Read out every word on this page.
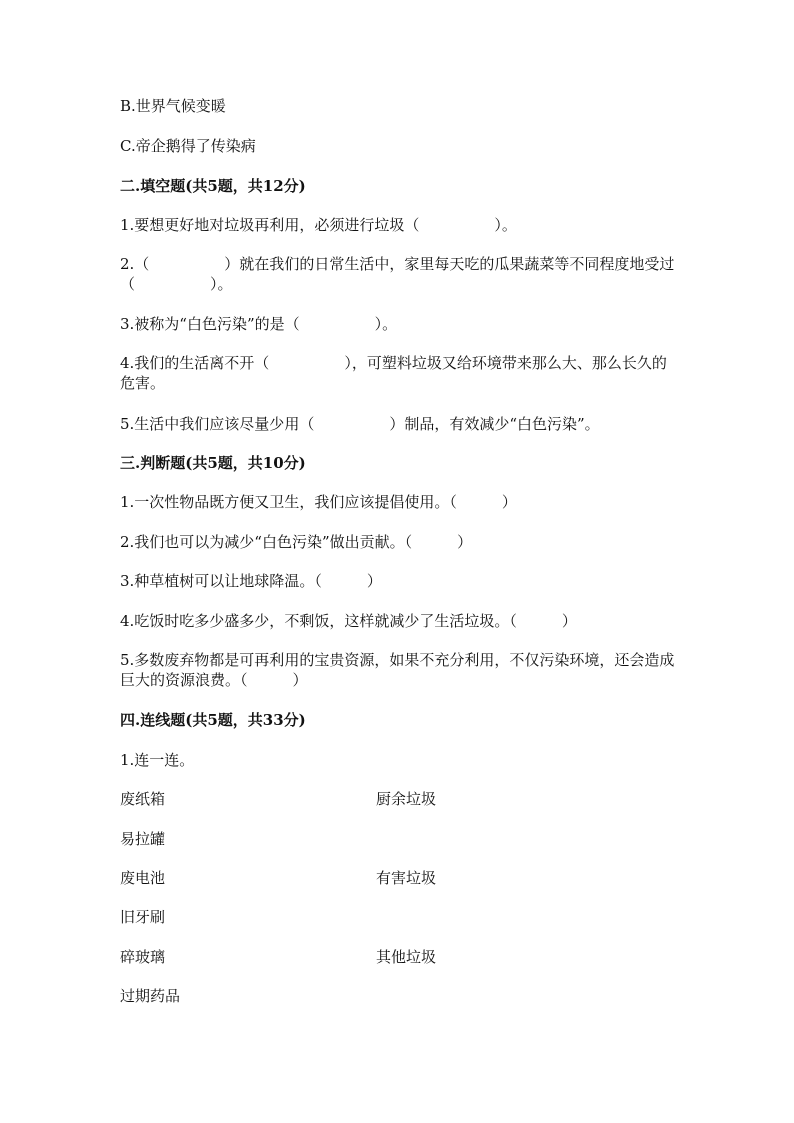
B.世界气候变暖
C.帝企鹅得了传染病
二.填空题(共5题，共12分)
1.要想更好地对垃圾再利用，必须进行垃圾（　　　　　）。
2.（　　　　　）就在我们的日常生活中，家里每天吃的瓜果蔬菜等不同程度地受过（　　　　　）。
3.被称为“白色污染”的是（　　　　　）。
4.我们的生活离不开（　　　　　），可塑料垃圾又给环境带来那么大、那么长久的危害。
5.生活中我们应该尽量少用（　　　　　）制品，有效减少“白色污染”。
三.判断题(共5题，共10分)
1.一次性物品既方便又卫生，我们应该提倡使用。（　　　）
2.我们也可以为减少“白色污染”做出贡献。（　　　）
3.种草植树可以让地球降温。（　　　）
4.吃饭时吃多少盛多少，不剩饭，这样就减少了生活垃圾。（　　　）
5.多数废弃物都是可再利用的宝贵资源，如果不充分利用，不仅污染环境，还会造成巨大的资源浪费。（　　　）
四.连线题(共5题，共33分)
1.连一连。
废纸箱	厨余垃圾
易拉罐
废电池	有害垃圾
旧牙刷
碎玻璃	其他垃圾
过期药品
